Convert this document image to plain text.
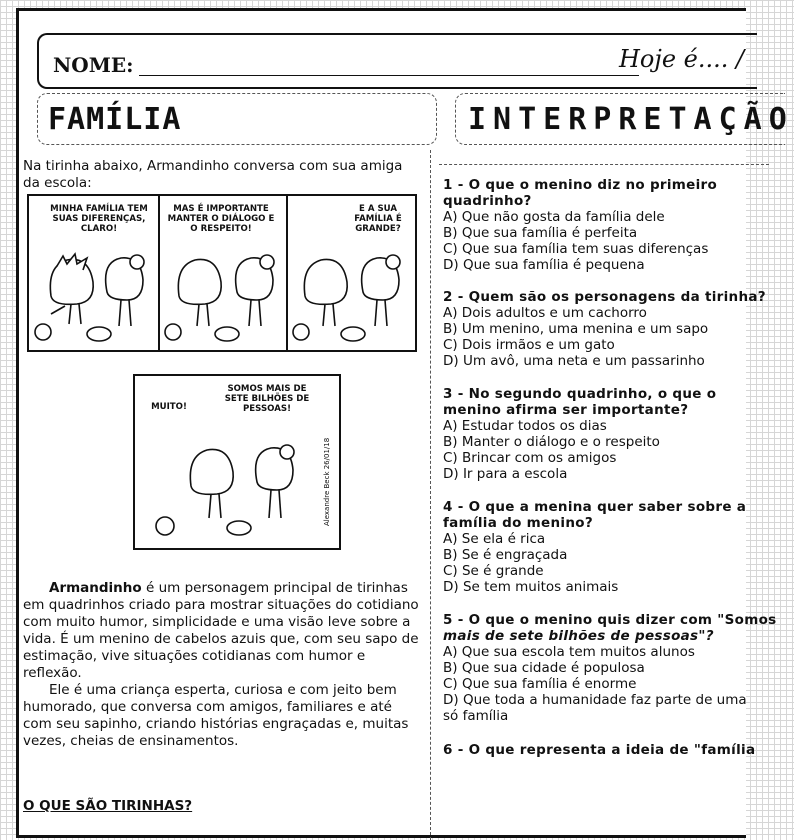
NOME:	Hoje é.... /
FAMÍLIA	INTERPRETAÇÃO
Na tirinha abaixo, Armandinho conversa com sua amiga da escola:
MINHA FAMÍLIA TEM SUAS DIFERENÇAS, CLARO!
MAS É IMPORTANTE MANTER O DIÁLOGO E O RESPEITO!
E A SUA FAMÍLIA É GRANDE?
MUITO!
SOMOS MAIS DE SETE BILHÕES DE PESSOAS!
Alexandre Beck 26/01/18

Armandinho é um personagem principal de tirinhas em quadrinhos criado para mostrar situações do cotidiano com muito humor, simplicidade e uma visão leve sobre a vida. É um menino de cabelos azuis que, com seu sapo de estimação, vive situações cotidianas com humor e reflexão.

Ele é uma criança esperta, curiosa e com jeito bem humorado, que conversa com amigos, familiares e até com seu sapinho, criando histórias engraçadas e, muitas vezes, cheias de ensinamentos.

O QUE SÃO TIRINHAS?
1 - O que o menino diz no primeiro
quadrinho?
A) Que não gosta da família dele
B) Que sua família é perfeita
C) Que sua família tem suas diferenças
D) Que sua família é pequena
2 - Quem são os personagens da tirinha?
A) Dois adultos e um cachorro
B) Um menino, uma menina e um sapo
C) Dois irmãos e um gato
D) Um avô, uma neta e um passarinho
3 - No segundo quadrinho, o que o
menino afirma ser importante?
A) Estudar todos os dias
B) Manter o diálogo e o respeito
C) Brincar com os amigos
D) Ir para a escola
4 - O que a menina quer saber sobre a
família do menino?
A) Se ela é rica
B) Se é engraçada
C) Se é grande
D) Se tem muitos animais
5 - O que o menino quis dizer com "Somos
mais de sete bilhões de pessoas"?
A) Que sua escola tem muitos alunos
B) Que sua cidade é populosa
C) Que sua família é enorme
D) Que toda a humanidade faz parte de uma
só família
6 - O que representa a ideia de "família
